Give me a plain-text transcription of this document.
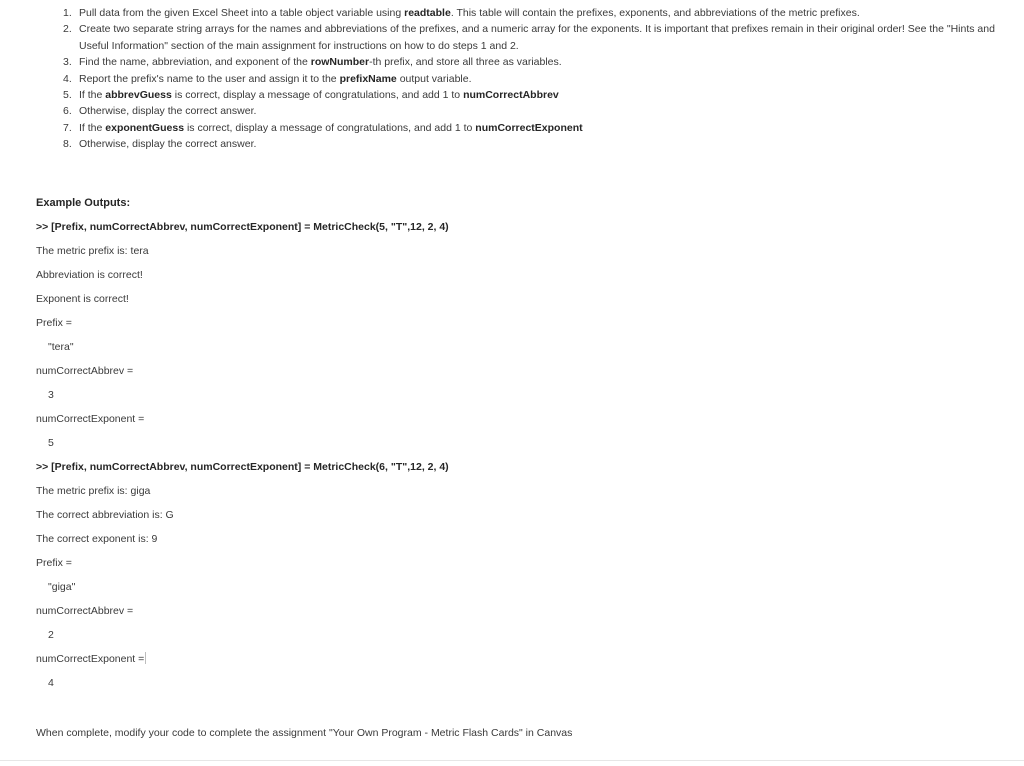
1. Pull data from the given Excel Sheet into a table object variable using readtable. This table will contain the prefixes, exponents, and abbreviations of the metric prefixes.
2. Create two separate string arrays for the names and abbreviations of the prefixes, and a numeric array for the exponents. It is important that prefixes remain in their original order! See the "Hints and Useful Information" section of the main assignment for instructions on how to do steps 1 and 2.
3. Find the name, abbreviation, and exponent of the rowNumber-th prefix, and store all three as variables.
4. Report the prefix's name to the user and assign it to the prefixName output variable.
5. If the abbrevGuess is correct, display a message of congratulations, and add 1 to numCorrectAbbrev
6. Otherwise, display the correct answer.
7. If the exponentGuess is correct, display a message of congratulations, and add 1 to numCorrectExponent
8. Otherwise, display the correct answer.
Example Outputs:
>> [Prefix, numCorrectAbbrev, numCorrectExponent] = MetricCheck(5, "T",12, 2, 4)
The metric prefix is: tera
Abbreviation is correct!
Exponent is correct!
Prefix =
"tera"
numCorrectAbbrev =
3
numCorrectExponent =
5
>> [Prefix, numCorrectAbbrev, numCorrectExponent] = MetricCheck(6, "T",12, 2, 4)
The metric prefix is: giga
The correct abbreviation is: G
The correct exponent is: 9
Prefix =
"giga"
numCorrectAbbrev =
2
numCorrectExponent =
4
When complete, modify your code to complete the assignment "Your Own Program - Metric Flash Cards" in Canvas
